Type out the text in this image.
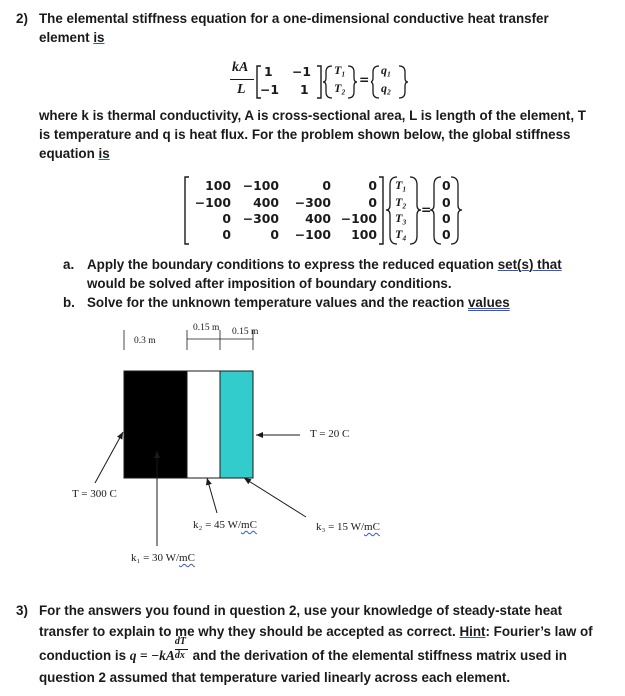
2) The elemental stiffness equation for a one-dimensional conductive heat transfer
element is
kA
L
1 −1
−1 1
T₁
T₂
=
q₁
q₂
where k is thermal conductivity, A is cross-sectional area, L is length of the element, T
is temperature and q is heat flux. For the problem shown below, the global stiffness
equation is
100 −100	0	0
−100	400	−300	0
0 −300	400 −100
0	0	−100	100
T₁
T₂
T₃
T₄
0
0
0
0
=
a. Apply the boundary conditions to express the reduced equation set(s) that
would be solved after imposition of boundary conditions.
b. Solve for the unknown temperature values and the reaction values
0.3 m
0.15 m 0.15 m
T = 20 C
T = 300 C
k₂ = 45 W/mC	k₃ = 15 W/mC
k₁ = 30 W/mC
3) For the answers you found in question 2, use your knowledge of steady-state heat
transfer to explain to me why they should be accepted as correct. Hint: Fourier’s law of
conduction is $q = -kA \frac{dT}{dx}$ and the derivation of the elemental stiffness matrix used in
question 2 assumed that temperature varied linearly across each element.
